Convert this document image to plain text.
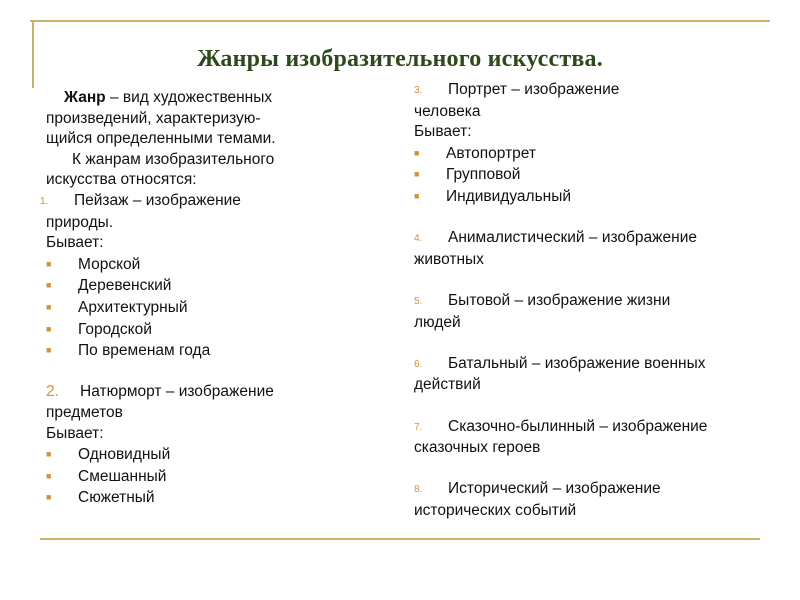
Жанры изобразительного искусства.
Жанр – вид художественных
произведений, характеризую-
щийся определенными темами.
К жанрам изобразительного
искусства относятся:
1. Пейзаж – изображение
природы.
Бывает:
■ Морской
■ Деревенский
■ Архитектурный
■ Городской
■ По временам года
2. Натюрморт – изображение
предметов
Бывает:
■ Одновидный
■ Смешанный
■ Сюжетный
3. Портрет – изображение
человека
Бывает:
■ Автопортрет
■ Групповой
■ Индивидуальный
4. Анималистический – изображение
животных
5. Бытовой – изображение жизни
людей
6. Батальный – изображение военных
действий
7. Сказочно-былинный – изображение
сказочных героев
8. Исторический – изображение
исторических событий
